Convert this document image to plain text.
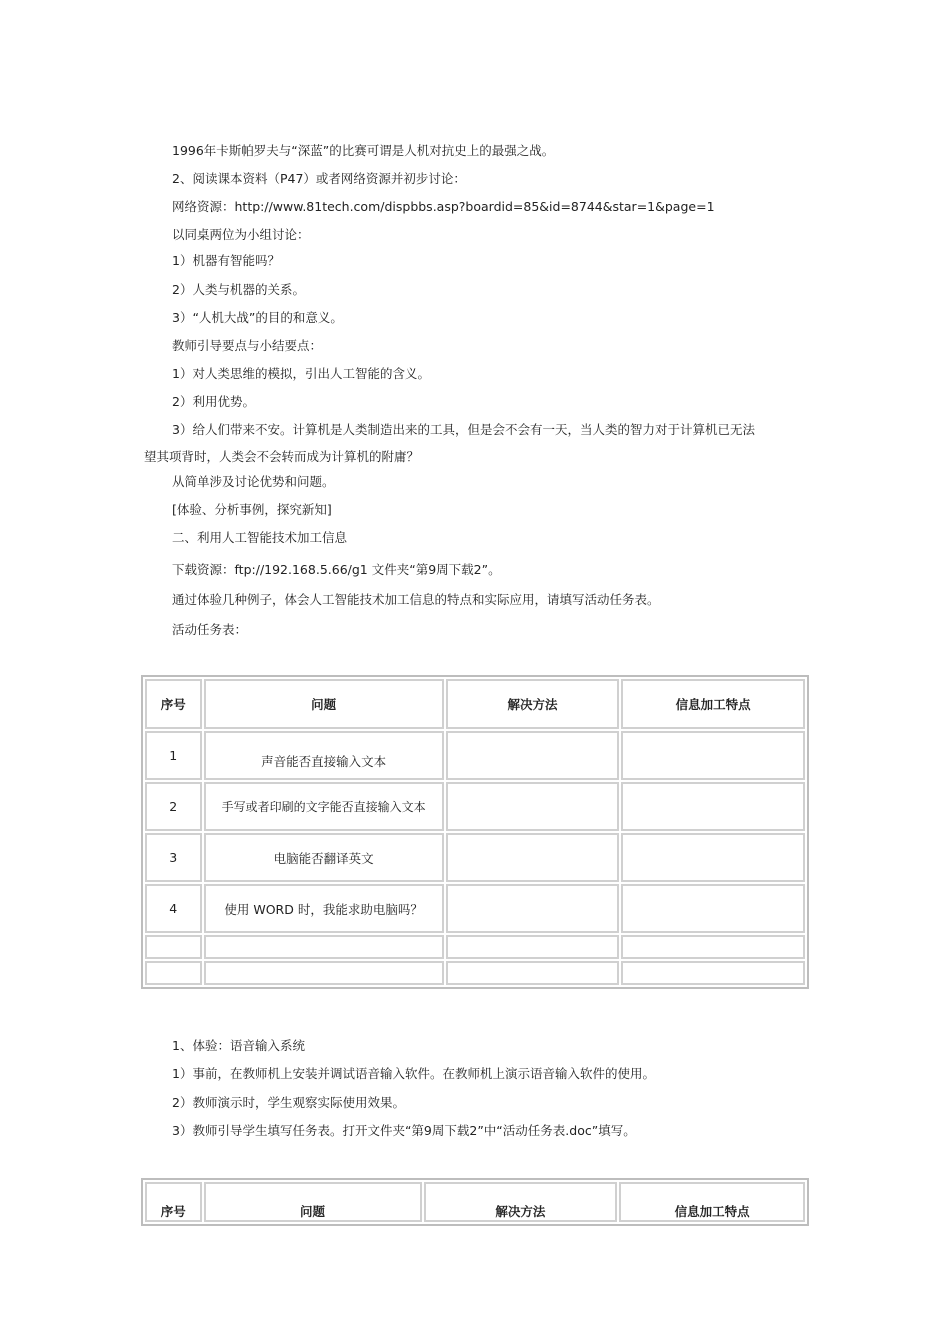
1996年卡斯帕罗夫与“深蓝”的比赛可谓是人机对抗史上的最强之战。
2、阅读课本资料（P47）或者网络资源并初步讨论：
网络资源：http://www.81tech.com/dispbbs.asp?boardid=85&id=8744&star=1&page=1
以同桌两位为小组讨论：
1）机器有智能吗？
2）人类与机器的关系。
3）“人机大战”的目的和意义。
教师引导要点与小结要点：
1）对人类思维的模拟，引出人工智能的含义。
2）利用优势。
3）给人们带来不安。计算机是人类制造出来的工具，但是会不会有一天，当人类的智力对于计算机已无法
望其项背时，人类会不会转而成为计算机的附庸？
从简单涉及讨论优势和问题。
[体验、分析事例，探究新知]
二、利用人工智能技术加工信息
下载资源：ftp://192.168.5.66/g1 文件夹“第9周下载2”。
通过体验几种例子，体会人工智能技术加工信息的特点和实际应用，请填写活动任务表。
活动任务表：
序号	问题	解决方法	信息加工特点
1	声音能否直接输入文本		
2	手写或者印刷的文字能否直接输入文本		
3	电脑能否翻译英文		
4	使用 WORD 时，我能求助电脑吗？		

1、体验：语音输入系统
1）事前，在教师机上安装并调试语音输入软件。在教师机上演示语音输入软件的使用。
2）教师演示时，学生观察实际使用效果。
3）教师引导学生填写任务表。打开文件夹“第9周下载2”中“活动任务表.doc”填写。
序号	问题	解决方法	信息加工特点
